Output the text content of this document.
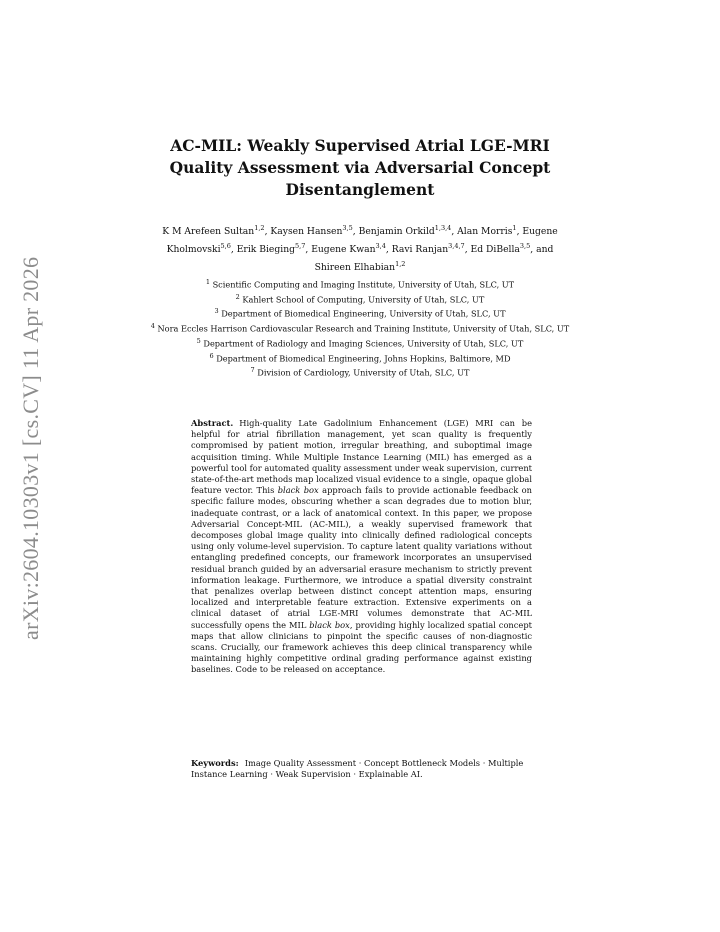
arXiv:2604.10303v1 [cs.CV] 11 Apr 2026
AC-MIL: Weakly Supervised Atrial LGE-MRI Quality Assessment via Adversarial Concept Disentanglement

K M Arefeen Sultan$^{1,2}$, Kaysen Hansen$^{3,5}$, Benjamin Orkild$^{1,3,4}$, Alan Morris$^1$, Eugene Kholmovski$^{5,6}$, Erik Bieging$^{5,7}$, Eugene Kwan$^{3,4}$, Ravi Ranjan$^{3,4,7}$, Ed DiBella$^{3,5}$, and Shireen Elhabian$^{1,2}$

$^1$ Scientific Computing and Imaging Institute, University of Utah, SLC, UT
$^2$ Kahlert School of Computing, University of Utah, SLC, UT
$^3$ Department of Biomedical Engineering, University of Utah, SLC, UT
$^4$ Nora Eccles Harrison Cardiovascular Research and Training Institute, University of Utah, SLC, UT
$^5$ Department of Radiology and Imaging Sciences, University of Utah, SLC, UT
$^6$ Department of Biomedical Engineering, Johns Hopkins, Baltimore, MD
$^7$ Division of Cardiology, University of Utah, SLC, UT

Abstract. High-quality Late Gadolinium Enhancement (LGE) MRI can be helpful for atrial fibrillation management, yet scan quality is frequently compromised by patient motion, irregular breathing, and suboptimal image acquisition timing. While Multiple Instance Learning (MIL) has emerged as a powerful tool for automated quality assessment under weak supervision, current state-of-the-art methods map localized visual evidence to a single, opaque global feature vector. This black box approach fails to provide actionable feedback on specific failure modes, obscuring whether a scan degrades due to motion blur, inadequate contrast, or a lack of anatomical context. In this paper, we propose Adversarial Concept-MIL (AC-MIL), a weakly supervised framework that decomposes global image quality into clinically defined radiological concepts using only volume-level supervision. To capture latent quality variations without entangling predefined concepts, our framework incorporates an unsupervised residual branch guided by an adversarial erasure mechanism to strictly prevent information leakage. Furthermore, we introduce a spatial diversity constraint that penalizes overlap between distinct concept attention maps, ensuring localized and interpretable feature extraction. Extensive experiments on a clinical dataset of atrial LGE-MRI volumes demonstrate that AC-MIL successfully opens the MIL black box, providing highly localized spatial concept maps that allow clinicians to pinpoint the specific causes of non-diagnostic scans. Crucially, our framework achieves this deep clinical transparency while maintaining highly competitive ordinal grading performance against existing baselines. Code to be released on acceptance.

Keywords: Image Quality Assessment · Concept Bottleneck Models · Multiple Instance Learning · Weak Supervision · Explainable AI.
